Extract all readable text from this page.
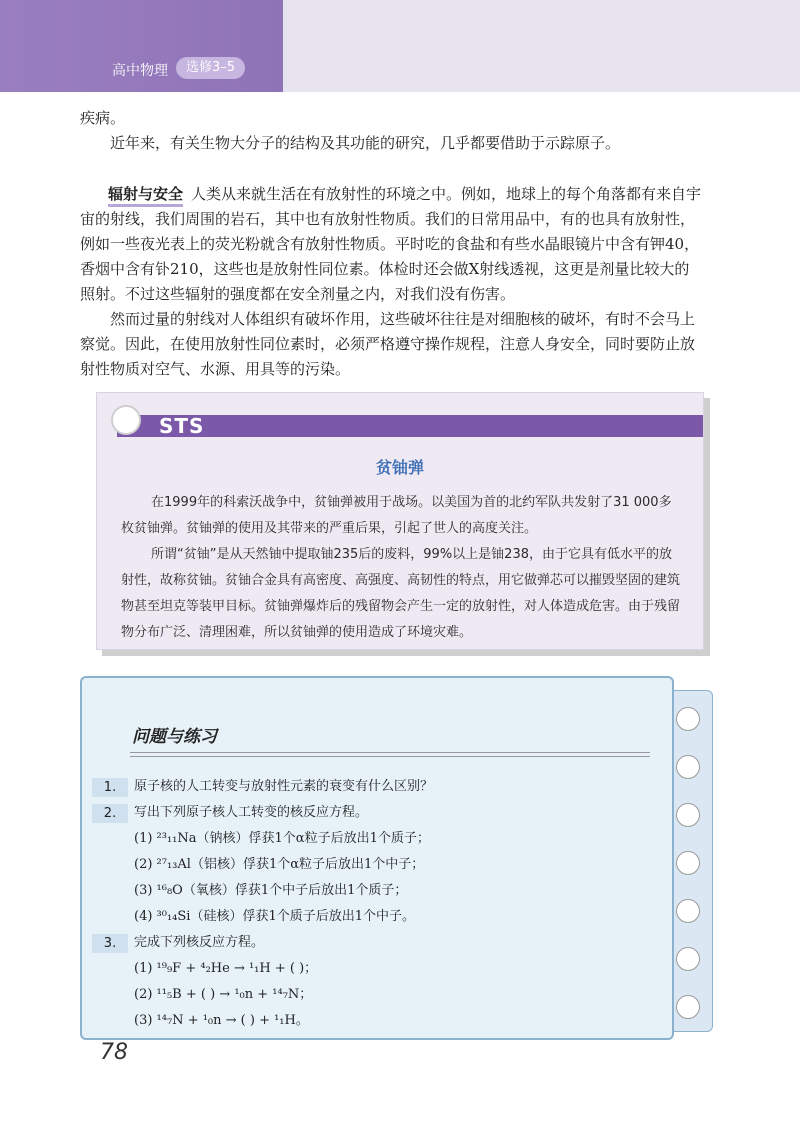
高中物理	选修3–5

疾病。

近年来，有关生物大分子的结构及其功能的研究，几乎都要借助于示踪原子。

辐射与安全 人类从来就生活在有放射性的环境之中。例如，地球上的每个角落都有来自宇宙的射线，我们周围的岩石，其中也有放射性物质。我们的日常用品中，有的也具有放射性，例如一些夜光表上的荧光粉就含有放射性物质。平时吃的食盐和有些水晶眼镜片中含有钾40，香烟中含有钋210，这些也是放射性同位素。体检时还会做X射线透视，这更是剂量比较大的照射。不过这些辐射的强度都在安全剂量之内，对我们没有伤害。

然而过量的射线对人体组织有破坏作用，这些破坏往往是对细胞核的破坏，有时不会马上察觉。因此，在使用放射性同位素时，必须严格遵守操作规程，注意人身安全，同时要防止放射性物质对空气、水源、用具等的污染。

STS
贫铀弹

在1999年的科索沃战争中，贫铀弹被用于战场。以美国为首的北约军队共发射了31 000多枚贫铀弹。贫铀弹的使用及其带来的严重后果，引起了世人的高度关注。

所谓“贫铀”是从天然铀中提取铀235后的废料，99%以上是铀238，由于它具有低水平的放射性，故称贫铀。贫铀合金具有高密度、高强度、高韧性的特点，用它做弹芯可以摧毁坚固的建筑物甚至坦克等装甲目标。贫铀弹爆炸后的残留物会产生一定的放射性，对人体造成危害。由于残留物分布广泛、清理困难，所以贫铀弹的使用造成了环境灾难。

问题与练习
1.	原子核的人工转变与放射性元素的衰变有什么区别？
2.	写出下列原子核人工转变的核反应方程。
(1) ²³₁₁Na（钠核）俘获1个α粒子后放出1个质子；
(2) ²⁷₁₃Al（铝核）俘获1个α粒子后放出1个中子；
(3) ¹⁶₈O（氧核）俘获1个中子后放出1个质子；
(4) ³⁰₁₄Si（硅核）俘获1个质子后放出1个中子。
3.	完成下列核反应方程。
(1) ¹⁹₉F + ⁴₂He → ¹₁H + ( )；
(2) ¹¹₅B + ( ) → ¹₀n + ¹⁴₇N；
(3) ¹⁴₇N + ¹₀n → ( ) + ¹₁H。
78
